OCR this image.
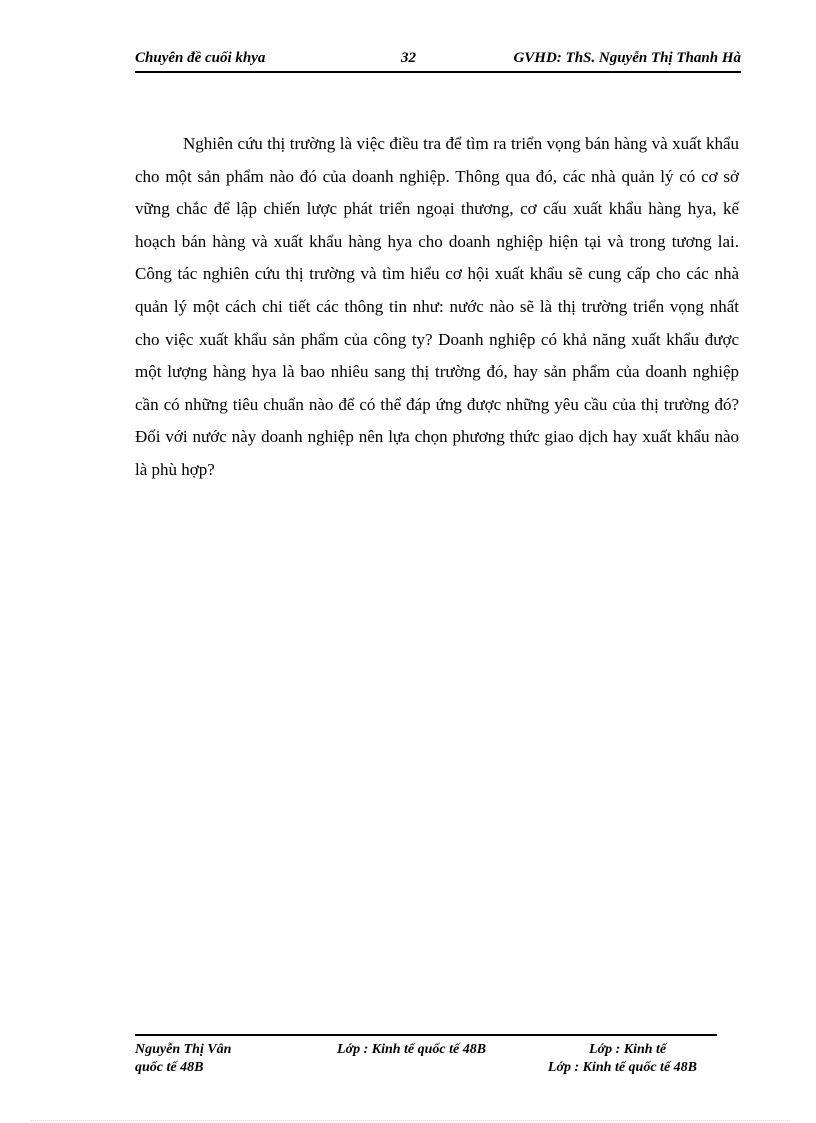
Chuyên đề cuối khya	32	GVHD: ThS. Nguyễn Thị Thanh Hà

Nghiên cứu thị trường là việc điều tra để tìm ra triển vọng bán hàng và xuất khẩu cho một sản phẩm nào đó của doanh nghiệp. Thông qua đó, các nhà quản lý có cơ sở vững chắc để lập chiến lược phát triển ngoại thương, cơ cấu xuất khẩu hàng hya, kế hoạch bán hàng và xuất khẩu hàng hya cho doanh nghiệp hiện tại và trong tương lai. Công tác nghiên cứu thị trường và tìm hiểu cơ hội xuất khẩu sẽ cung cấp cho các nhà quản lý một cách chi tiết các thông tin như: nước nào sẽ là thị trường triển vọng nhất cho việc xuất khẩu sản phẩm của công ty? Doanh nghiệp có khả năng xuất khẩu được một lượng hàng hya là bao nhiêu sang thị trường đó, hay sản phẩm của doanh nghiệp cần có những tiêu chuẩn nào để có thể đáp ứng được những yêu cầu của thị trường đó? Đối với nước này doanh nghiệp nên lựa chọn phương thức giao dịch hay xuất khẩu nào là phù hợp?

Nguyễn Thị Vân	Lớp : Kinh tế quốc tế 48B	Lớp : Kinh tế
quốc tế 48B	Lớp : Kinh tế quốc tế 48B
